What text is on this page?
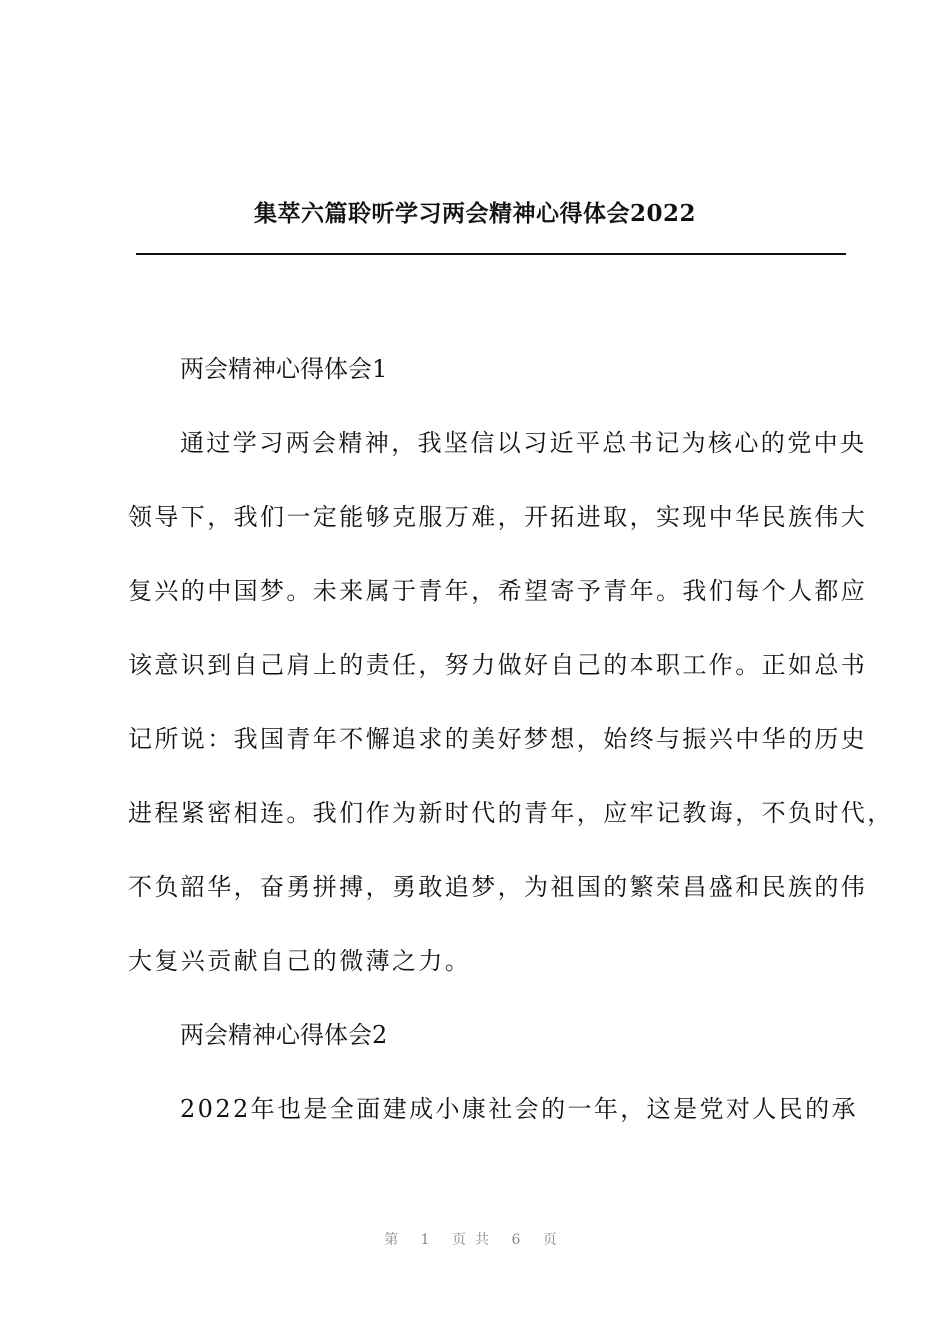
集萃六篇聆听学习两会精神心得体会2022
两会精神心得体会1
通过学习两会精神，我坚信以习近平总书记为核心的党中央
领导下，我们一定能够克服万难，开拓进取，实现中华民族伟大
复兴的中国梦。未来属于青年，希望寄予青年。我们每个人都应
该意识到自己肩上的责任，努力做好自己的本职工作。正如总书
记所说：我国青年不懈追求的美好梦想，始终与振兴中华的历史
进程紧密相连。我们作为新时代的青年，应牢记教诲，不负时代，
不负韶华，奋勇拼搏，勇敢追梦，为祖国的繁荣昌盛和民族的伟
大复兴贡献自己的微薄之力。
两会精神心得体会2
2022年也是全面建成小康社会的一年，这是党对人民的承
第 1 页共 6 页
